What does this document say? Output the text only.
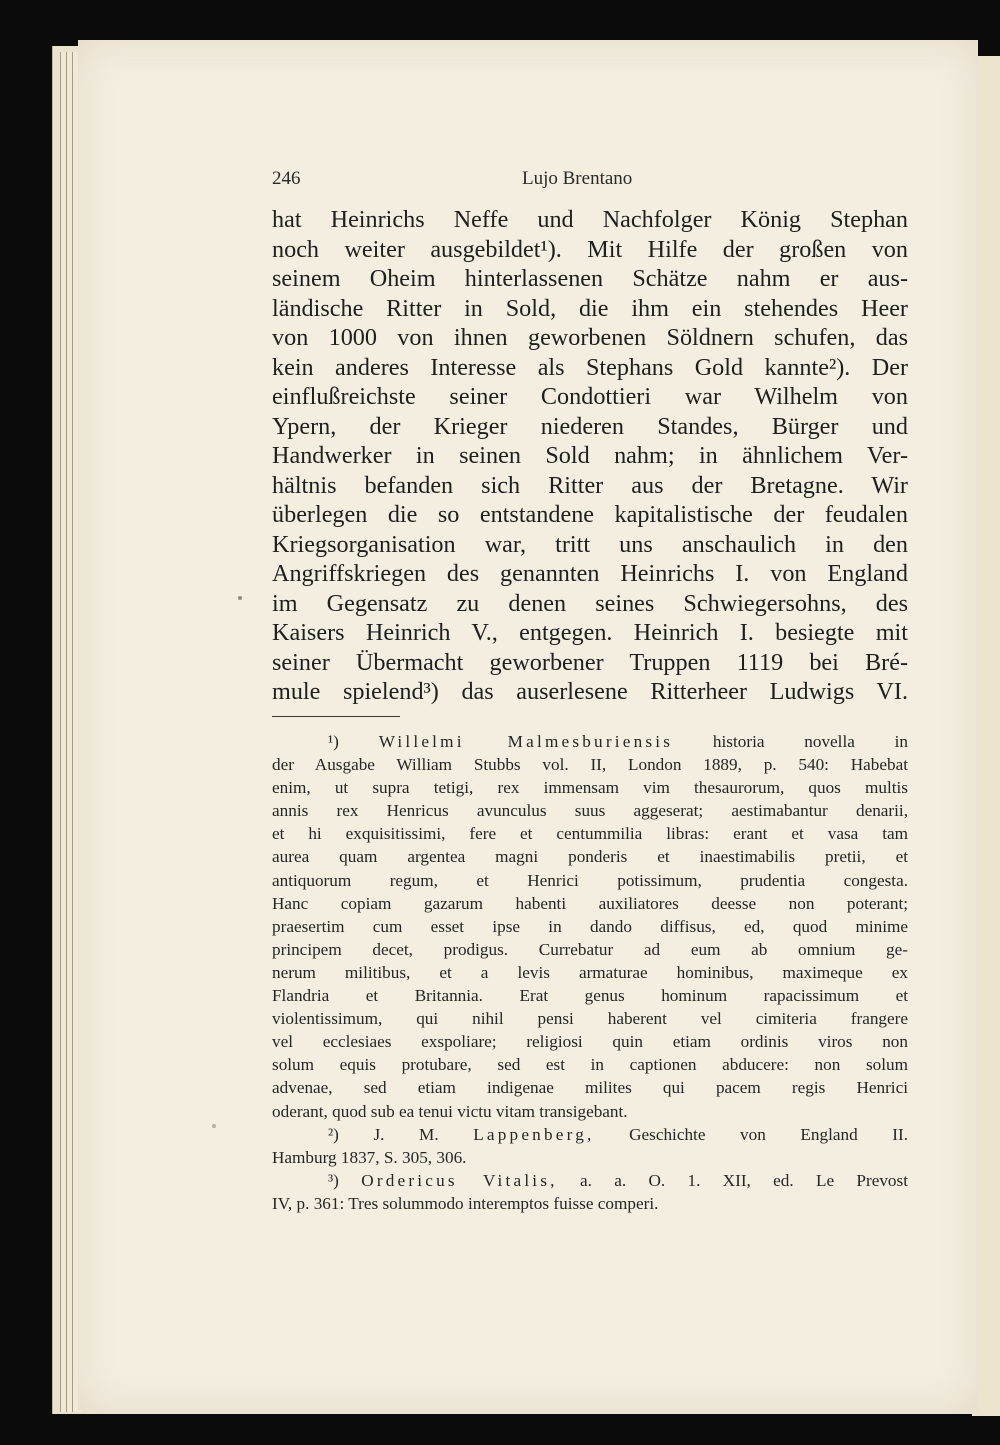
246	Lujo Brentano
hat Heinrichs Neffe und Nachfolger König Stephan
noch weiter ausgebildet¹). Mit Hilfe der großen von
seinem Oheim hinterlassenen Schätze nahm er aus-
ländische Ritter in Sold, die ihm ein stehendes Heer
von 1000 von ihnen geworbenen Söldnern schufen, das
kein anderes Interesse als Stephans Gold kannte²). Der
einflußreichste seiner Condottieri war Wilhelm von
Ypern, der Krieger niederen Standes, Bürger und
Handwerker in seinen Sold nahm; in ähnlichem Ver-
hältnis befanden sich Ritter aus der Bretagne. Wir
überlegen die so entstandene kapitalistische der feudalen
Kriegsorganisation war, tritt uns anschaulich in den
Angriffskriegen des genannten Heinrichs I. von England
im Gegensatz zu denen seines Schwiegersohns, des
Kaisers Heinrich V., entgegen. Heinrich I. besiegte mit
seiner Übermacht geworbener Truppen 1119 bei Bré-
mule spielend³) das auserlesene Ritterheer Ludwigs VI.
¹) Willelmi Malmesburiensis historia novella in
der Ausgabe William Stubbs vol. II, London 1889, p. 540: Habebat
enim, ut supra tetigi, rex immensam vim thesaurorum, quos multis
annis rex Henricus avunculus suus aggeserat; aestimabantur denarii,
et hi exquisitissimi, fere et centummilia libras: erant et vasa tam
aurea quam argentea magni ponderis et inaestimabilis pretii, et
antiquorum regum, et Henrici potissimum, prudentia congesta.
Hanc copiam gazarum habenti auxiliatores deesse non poterant;
praesertim cum esset ipse in dando diffisus, ed, quod minime
principem decet, prodigus. Currebatur ad eum ab omnium ge-
nerum militibus, et a levis armaturae hominibus, maximeque ex
Flandria et Britannia. Erat genus hominum rapacissimum et
violentissimum, qui nihil pensi haberent vel cimiteria frangere
vel ecclesiaes exspoliare; religiosi quin etiam ordinis viros non
solum equis protubare, sed est in captionen abducere: non solum
advenae, sed etiam indigenae milites qui pacem regis Henrici
oderant, quod sub ea tenui victu vitam transigebant.
²) J. M. Lappenberg, Geschichte von England II.
Hamburg 1837, S. 305, 306.
³) Ordericus Vitalis, a. a. O. 1. XII, ed. Le Prevost
IV, p. 361: Tres solummodo interemptos fuisse comperi.
